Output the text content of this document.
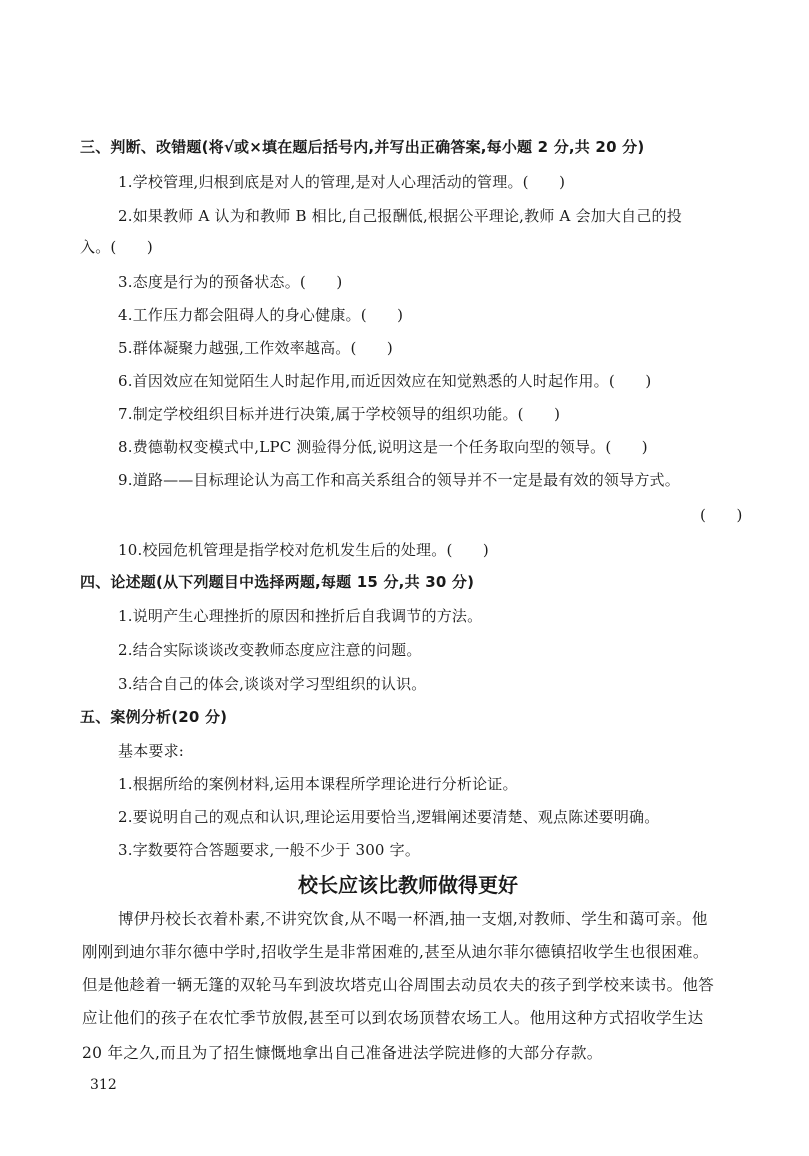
三、判断、改错题(将√或×填在题后括号内,并写出正确答案,每小题 2 分,共 20 分)
1.学校管理,归根到底是对人的管理,是对人心理活动的管理。(　　)
2.如果教师 A 认为和教师 B 相比,自己报酬低,根据公平理论,教师 A 会加大自己的投
入。(　　)
3.态度是行为的预备状态。(　　)
4.工作压力都会阻碍人的身心健康。(　　)
5.群体凝聚力越强,工作效率越高。(　　)
6.首因效应在知觉陌生人时起作用,而近因效应在知觉熟悉的人时起作用。(　　)
7.制定学校组织目标并进行决策,属于学校领导的组织功能。(　　)
8.费德勒权变模式中,LPC 测验得分低,说明这是一个任务取向型的领导。(　　)
9.道路——目标理论认为高工作和高关系组合的领导并不一定是最有效的领导方式。
(　　)
10.校园危机管理是指学校对危机发生后的处理。(　　)
四、论述题(从下列题目中选择两题,每题 15 分,共 30 分)
1.说明产生心理挫折的原因和挫折后自我调节的方法。
2.结合实际谈谈改变教师态度应注意的问题。
3.结合自己的体会,谈谈对学习型组织的认识。
五、案例分析(20 分)
基本要求:
1.根据所给的案例材料,运用本课程所学理论进行分析论证。
2.要说明自己的观点和认识,理论运用要恰当,逻辑阐述要清楚、观点陈述要明确。
3.字数要符合答题要求,一般不少于 300 字。
校长应该比教师做得更好
博伊丹校长衣着朴素,不讲究饮食,从不喝一杯酒,抽一支烟,对教师、学生和蔼可亲。他
刚刚到迪尔菲尔德中学时,招收学生是非常困难的,甚至从迪尔菲尔德镇招收学生也很困难。
但是他趁着一辆无篷的双轮马车到波坎塔克山谷周围去动员农夫的孩子到学校来读书。他答
应让他们的孩子在农忙季节放假,甚至可以到农场顶替农场工人。他用这种方式招收学生达
20 年之久,而且为了招生慷慨地拿出自己准备进法学院进修的大部分存款。
312
